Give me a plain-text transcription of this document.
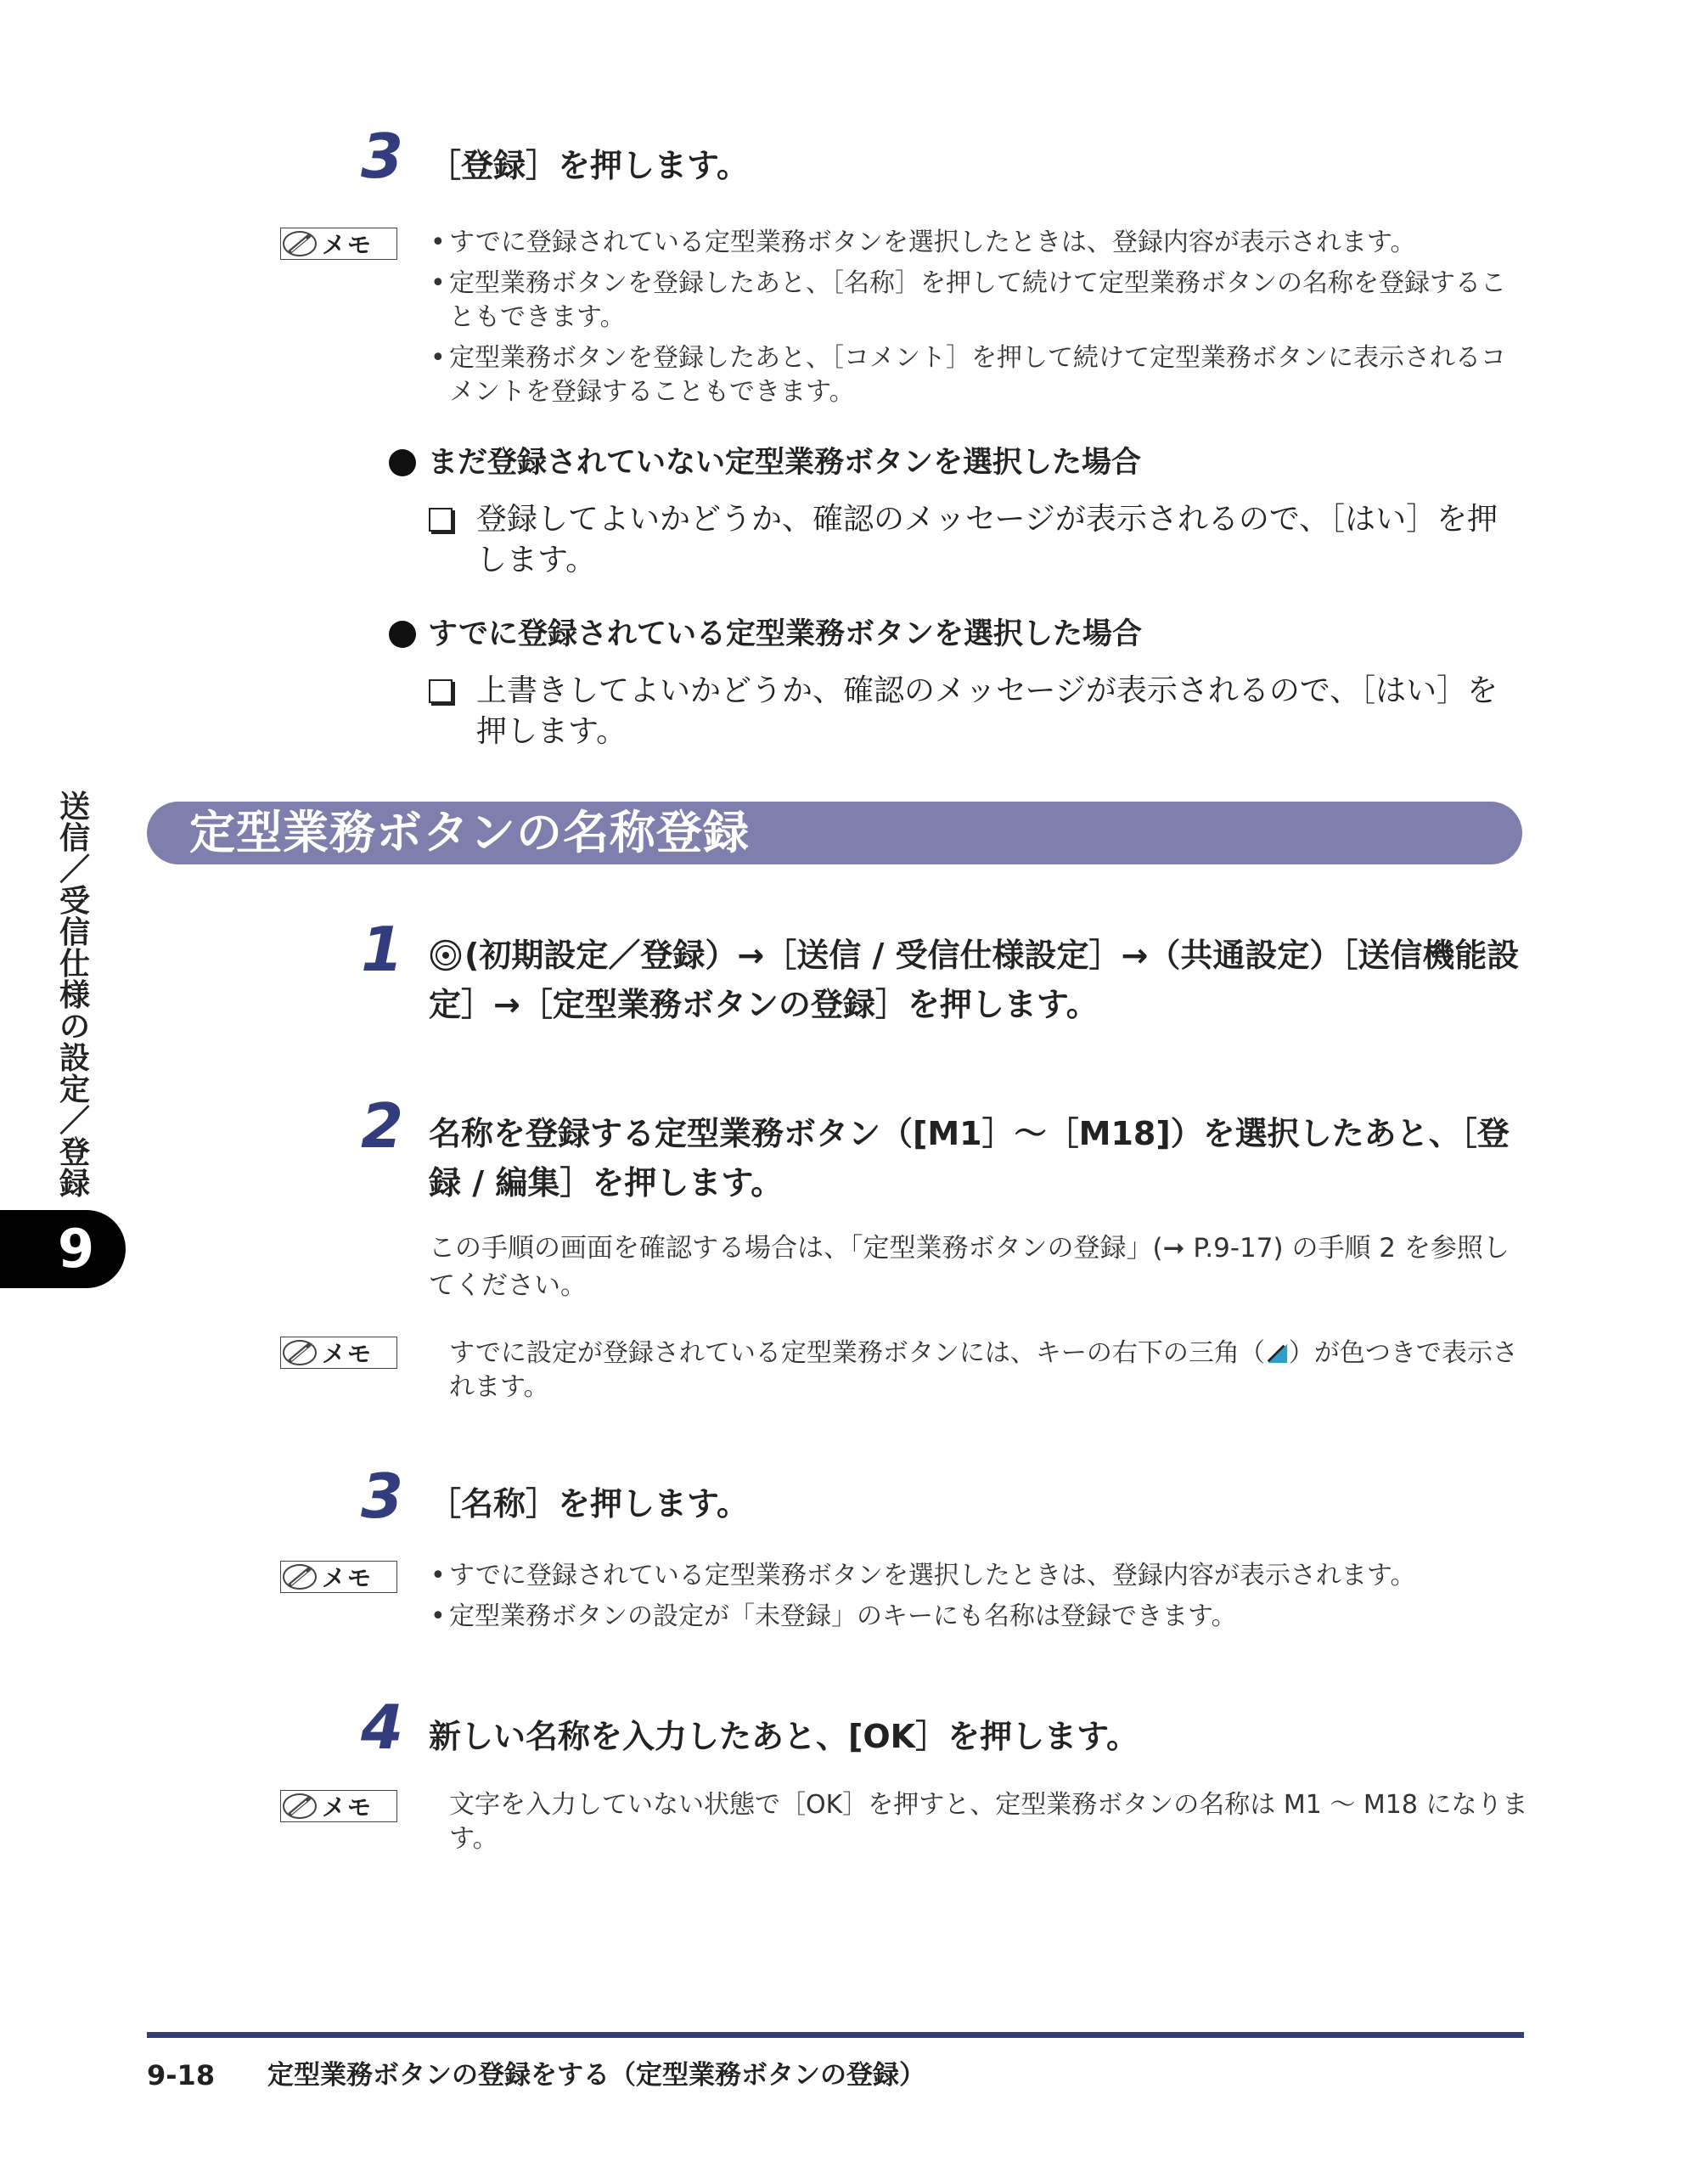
3 ［登録］を押します。
メモ • すでに登録されている定型業務ボタンを選択したときは、登録内容が表示されます。
• 定型業務ボタンを登録したあと、［名称］を押して続けて定型業務ボタンの名称を登録することもできます。
• 定型業務ボタンを登録したあと、［コメント］を押して続けて定型業務ボタンに表示されるコメントを登録することもできます。
まだ登録されていない定型業務ボタンを選択した場合
登録してよいかどうか、確認のメッセージが表示されるので、［はい］を押します。
すでに登録されている定型業務ボタンを選択した場合
上書きしてよいかどうか、確認のメッセージが表示されるので、［はい］を押します。
送信／受信仕様の設定／登録
9
定型業務ボタンの名称登録
1	(初期設定／登録）→［送信 / 受信仕様設定］→（共通設定）［送信機能設定］→［定型業務ボタンの登録］を押します。
2 名称を登録する定型業務ボタン（[M1］～［M18]）を選択したあと、［登録 / 編集］を押します。
この手順の画面を確認する場合は、「定型業務ボタンの登録」(➞ P.9-17) の手順 2 を参照してください。
メモ	すでに設定が登録されている定型業務ボタンには、キーの右下の三角（ ）が色つきで表示されます。
3 ［名称］を押します。
メモ • すでに登録されている定型業務ボタンを選択したときは、登録内容が表示されます。
• 定型業務ボタンの設定が「未登録」のキーにも名称は登録できます。
4 新しい名称を入力したあと、[OK］を押します。
メモ	文字を入力していない状態で［OK］を押すと、定型業務ボタンの名称は M1 ～ M18 になります。
9-18 定型業務ボタンの登録をする（定型業務ボタンの登録）
